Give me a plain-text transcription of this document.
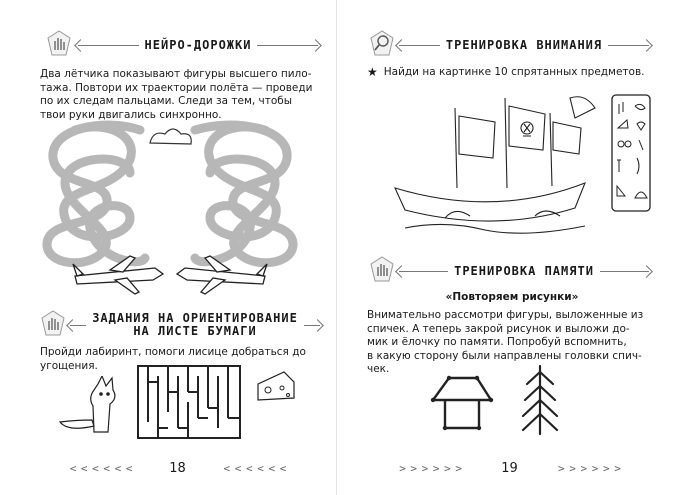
НЕЙРО-ДОРОЖКИ

Два лётчика показывают фигуры высшего пило-

тажа. Повтори их траектории полёта — проведи

по их следам пальцами. Следи за тем, чтобы

твои руки двигались синхронно.

ЗАДАНИЯ НА ОРИЕНТИРОВАНИЕ
НА ЛИСТЕ БУМАГИ

Пройди лабиринт, помоги лисице добраться до

угощения.

< < < < < <	18	< < < < < <
ТРЕНИРОВКА ВНИМАНИЯ
★ Найди на картинке 10 спрятанных предметов.
ТРЕНИРОВКА ПАМЯТИ
«Повторяем рисунки»

Внимательно рассмотри фигуры, выложенные из

спичек. А теперь закрой рисунок и выложи до-

мик и ёлочку по памяти. Попробуй вспомнить,

в какую сторону были направлены головки спич-

чек.

> > > > > >	19	> > > > > >
